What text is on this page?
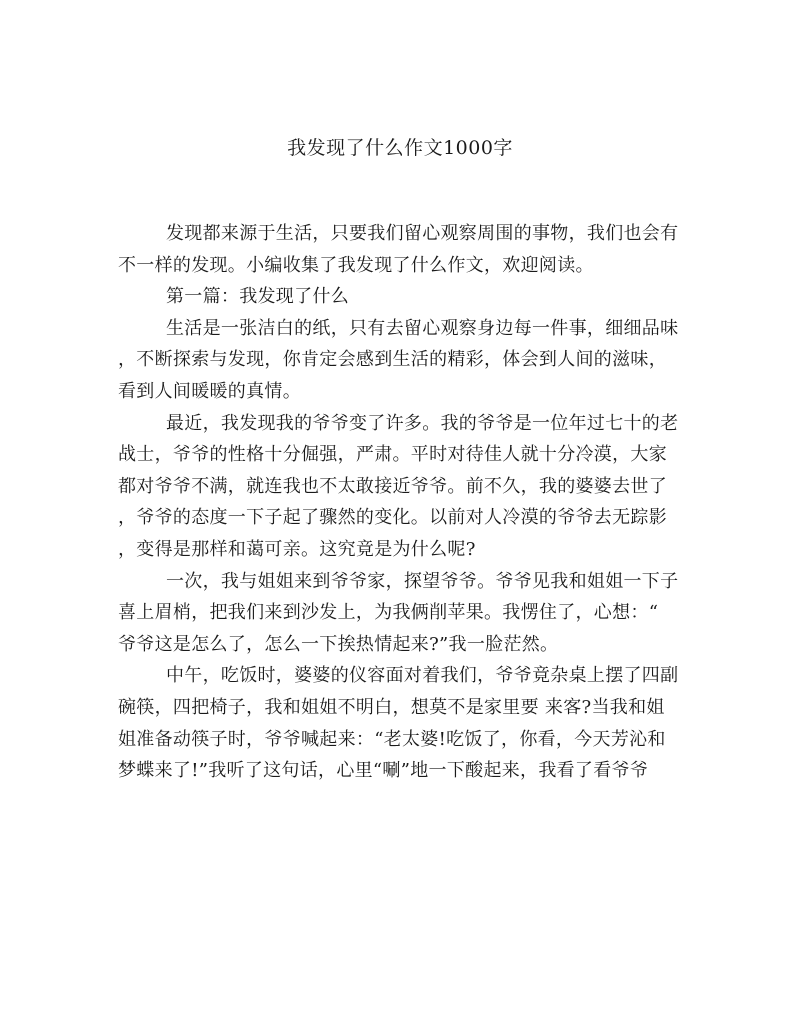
我发现了什么作文1000字
发现都来源于生活，只要我们留心观察周围的事物，我们也会有
不一样的发现。小编收集了我发现了什么作文，欢迎阅读。
第一篇：我发现了什么
生活是一张洁白的纸，只有去留心观察身边每一件事，细细品味
，不断探索与发现，你肯定会感到生活的精彩，体会到人间的滋味，
看到人间暖暖的真情。
最近，我发现我的爷爷变了许多。我的爷爷是一位年过七十的老
战士，爷爷的性格十分倔强，严肃。平时对待佳人就十分冷漠，大家
都对爷爷不满，就连我也不太敢接近爷爷。前不久，我的婆婆去世了
，爷爷的态度一下子起了骤然的变化。以前对人冷漠的爷爷去无踪影
，变得是那样和蔼可亲。这究竟是为什么呢?
一次，我与姐姐来到爷爷家，探望爷爷。爷爷见我和姐姐一下子
喜上眉梢，把我们来到沙发上，为我俩削苹果。我愣住了，心想：“
爷爷这是怎么了，怎么一下挨热情起来?”我一脸茫然。
中午，吃饭时，婆婆的仪容面对着我们，爷爷竟杂桌上摆了四副
碗筷，四把椅子，我和姐姐不明白，想莫不是家里要 来客?当我和姐
姐准备动筷子时，爷爷喊起来：“老太婆!吃饭了，你看，今天芳沁和
梦蝶来了!”我听了这句话，心里“唰”地一下酸起来，我看了看爷爷
